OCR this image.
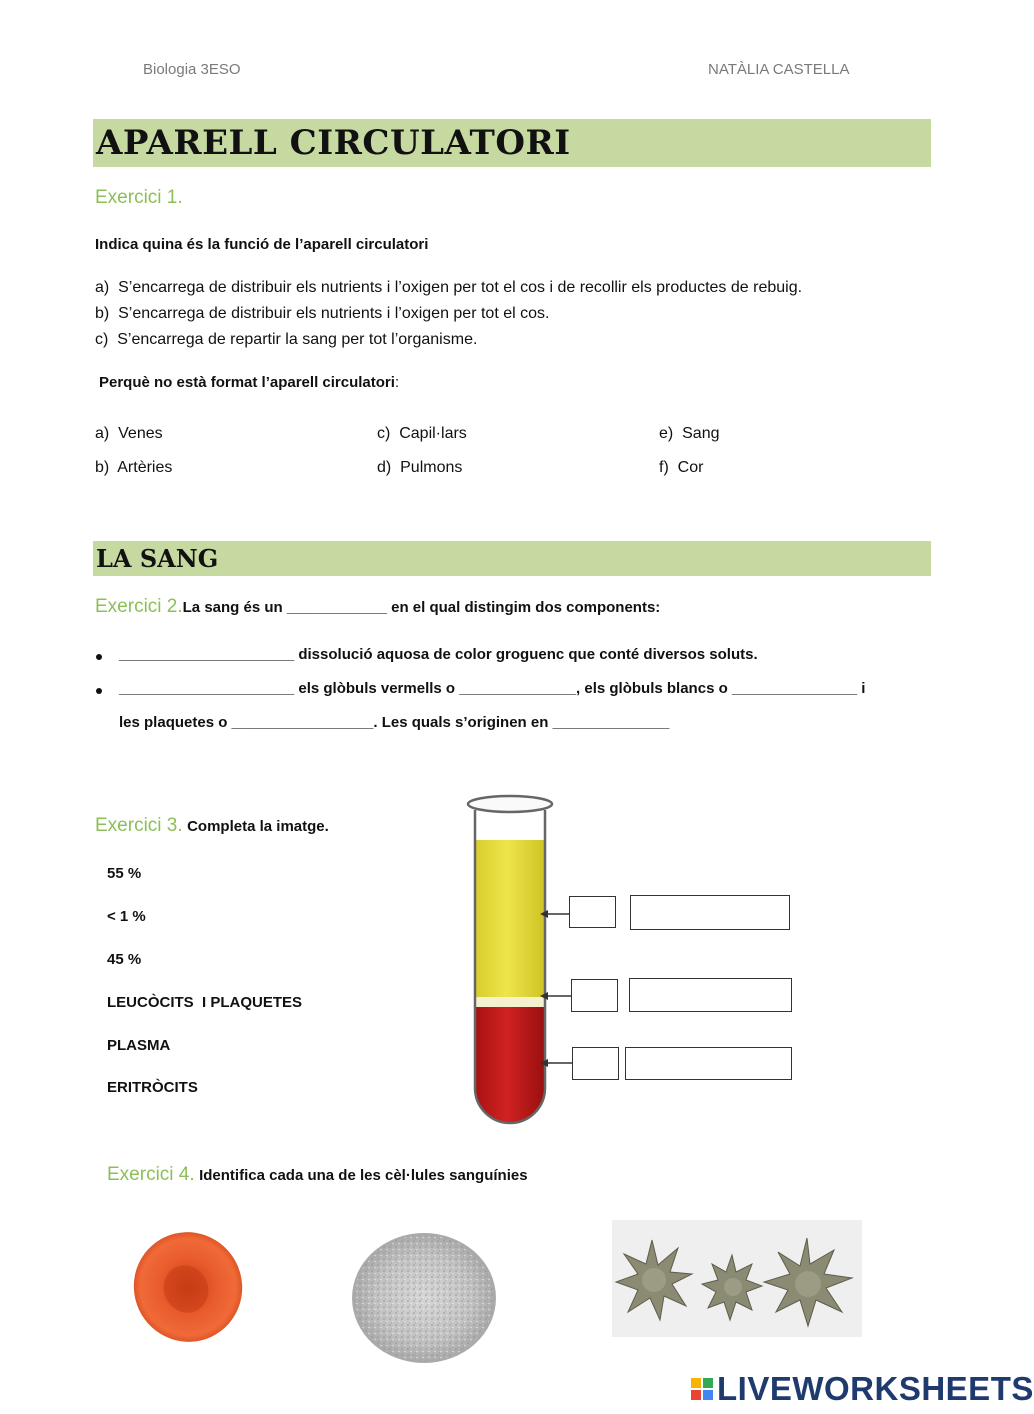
Biologia 3ESO	NATÀLIA CASTELLA
APARELL CIRCULATORI
Exercici 1.
Indica quina és la funció de l’aparell circulatori
a) S’encarrega de distribuir els nutrients i l’oxigen per tot el cos i de recollir els productes de rebuig.
b) S’encarrega de distribuir els nutrients i l’oxigen per tot el cos.
c) S’encarrega de repartir la sang per tot l’organisme.
Perquè no està format l’aparell circulatori:
a) Venes
b) Artèries
c) Capil·lars
d) Pulmons
e) Sang
f) Cor
LA SANG
Exercici 2.La sang és un ____________ en el qual distingim dos components:
_____________________ dissolució aquosa de color groguenc que conté diversos soluts.
_____________________ els glòbuls vermells o ______________, els glòbuls blancs o _______________ i
les plaquetes o _________________. Les quals s’originen en ______________
Exercici 3. Completa la imatge.
55 %
< 1 %
45 %
LEUCÒCITS  I PLAQUETES
PLASMA
ERITRÒCITS
Exercici 4. Identifica cada una de les cèl·lules sanguínies
LIVEWORKSHEETS
